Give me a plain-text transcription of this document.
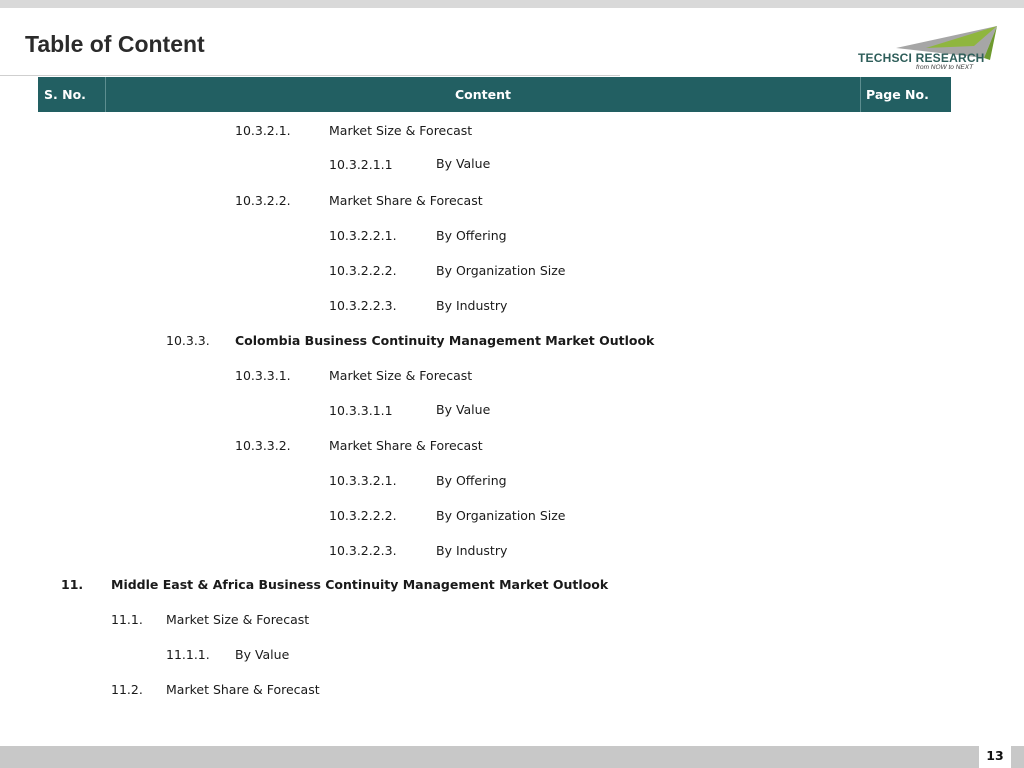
Table of Content
TECHSCI RESEARCH
from NOW to NEXT
S. No.	Content	Page No.
10.3.2.1.	Market Size & Forecast
10.3.2.1.1	By Value
10.3.2.2.	Market Share & Forecast
10.3.2.2.1.	By Offering
10.3.2.2.2.	By Organization Size
10.3.2.2.3.	By Industry
10.3.3. Colombia Business Continuity Management Market Outlook
10.3.3.1.	Market Size & Forecast
10.3.3.1.1	By Value
10.3.3.2.	Market Share & Forecast
10.3.3.2.1.	By Offering
10.3.2.2.2.	By Organization Size
10.3.2.2.3.	By Industry
11. Middle East & Africa Business Continuity Management Market Outlook
11.1. Market Size & Forecast
11.1.1. By Value
11.2. Market Share & Forecast
13
